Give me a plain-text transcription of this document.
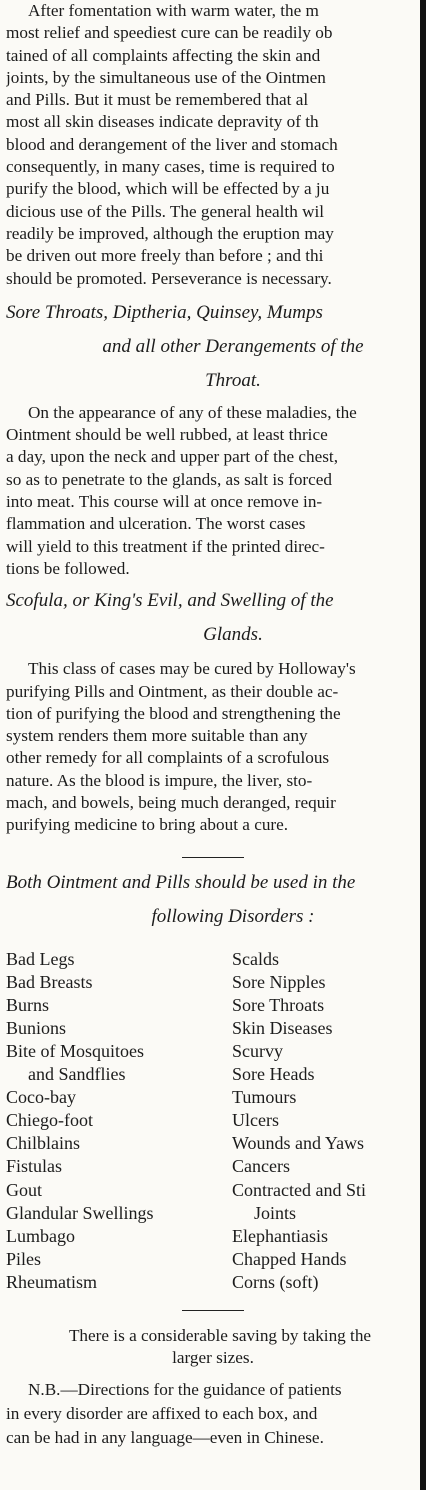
After fomentation with warm water, the m
most relief and speediest cure can be readily ob
tained of all complaints affecting the skin and
joints, by the simultaneous use of the Ointmen
and Pills. But it must be remembered that al
most all skin diseases indicate depravity of th
blood and derangement of the liver and stomach
consequently, in many cases, time is required to
purify the blood, which will be effected by a ju
dicious use of the Pills. The general health wil
readily be improved, although the eruption may
be driven out more freely than before ; and thi
should be promoted. Perseverance is necessary.

Sore Throats, Diptheria, Quinsey, Mumps

and all other Derangements of the

Throat.

On the appearance of any of these maladies, the
Ointment should be well rubbed, at least thrice
a day, upon the neck and upper part of the chest,
so as to penetrate to the glands, as salt is forced
into meat. This course will at once remove in-
flammation and ulceration. The worst cases
will yield to this treatment if the printed direc-
tions be followed.

Scofula, or King's Evil, and Swelling of the

Glands.

This class of cases may be cured by Holloway's
purifying Pills and Ointment, as their double ac-
tion of purifying the blood and strengthening the
system renders them more suitable than any
other remedy for all complaints of a scrofulous
nature. As the blood is impure, the liver, sto-
mach, and bowels, being much deranged, requir
purifying medicine to bring about a cure.

Both Ointment and Pills should be used in the

following Disorders :

Bad Legs
Bad Breasts
Burns
Bunions
Bite of Mosquitoes
and Sandflies
Coco-bay
Chiego-foot
Chilblains
Fistulas
Gout
Glandular Swellings
Lumbago
Piles
Rheumatism
Scalds
Sore Nipples
Sore Throats
Skin Diseases
Scurvy
Sore Heads
Tumours
Ulcers
Wounds and Yaws
Cancers
Contracted and Sti
Joints
Elephantiasis
Chapped Hands
Corns (soft)

There is a considerable saving by taking the
larger sizes.

N.B.—Directions for the guidance of patients
in every disorder are affixed to each box, and
can be had in any language—even in Chinese.
